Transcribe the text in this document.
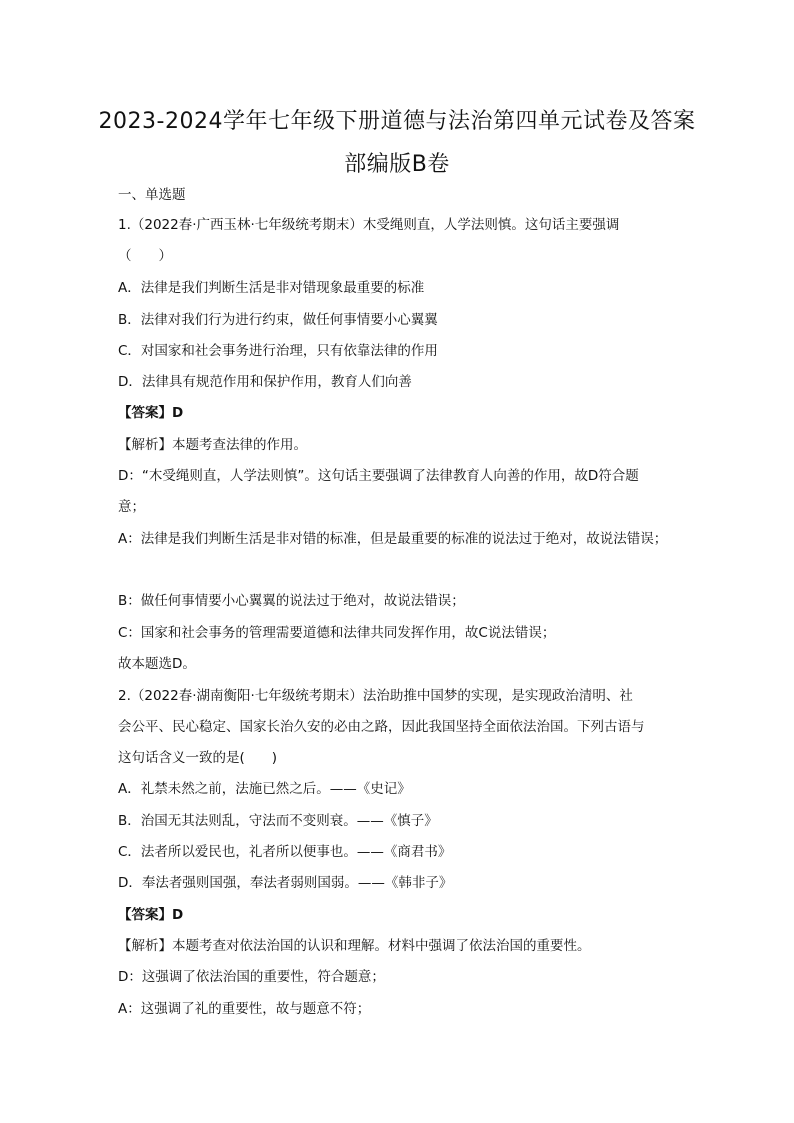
2023-2024学年七年级下册道德与法治第四单元试卷及答案
部编版B卷
一、单选题
1.（2022春·广西玉林·七年级统考期末）木受绳则直，人学法则慎。这句话主要强调
（　　）
A．法律是我们判断生活是非对错现象最重要的标准
B．法律对我们行为进行约束，做任何事情要小心翼翼
C．对国家和社会事务进行治理，只有依靠法律的作用
D．法律具有规范作用和保护作用，教育人们向善
【答案】D
【解析】本题考查法律的作用。
D：“木受绳则直，人学法则慎”。这句话主要强调了法律教育人向善的作用，故D符合题
意；
A：法律是我们判断生活是非对错的标准，但是最重要的标准的说法过于绝对，故说法错误；
B：做任何事情要小心翼翼的说法过于绝对，故说法错误；
C：国家和社会事务的管理需要道德和法律共同发挥作用，故C说法错误；
故本题选D。
2.（2022春·湖南衡阳·七年级统考期末）法治助推中国梦的实现，是实现政治清明、社
会公平、民心稳定、国家长治久安的必由之路，因此我国坚持全面依法治国。下列古语与
这句话含义一致的是(　　)
A．礼禁未然之前，法施已然之后。——《史记》
B．治国无其法则乱，守法而不变则衰。——《慎子》
C．法者所以爱民也，礼者所以便事也。——《商君书》
D．奉法者强则国强，奉法者弱则国弱。——《韩非子》
【答案】D
【解析】本题考查对依法治国的认识和理解。材料中强调了依法治国的重要性。
D：这强调了依法治国的重要性，符合题意；
A：这强调了礼的重要性，故与题意不符；
